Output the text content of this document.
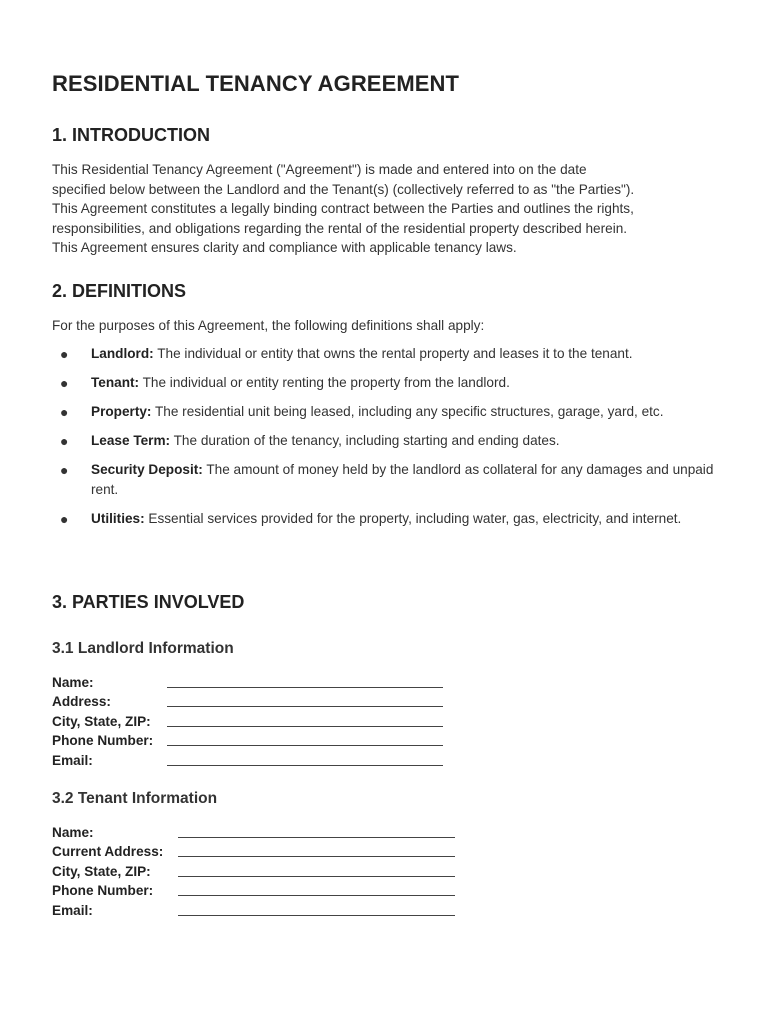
RESIDENTIAL TENANCY AGREEMENT
1. INTRODUCTION

This Residential Tenancy Agreement ("Agreement") is made and entered into on the date
specified below between the Landlord and the Tenant(s) (collectively referred to as "the Parties").
This Agreement constitutes a legally binding contract between the Parties and outlines the rights,
responsibilities, and obligations regarding the rental of the residential property described herein.
This Agreement ensures clarity and compliance with applicable tenancy laws.

2. DEFINITIONS

For the purposes of this Agreement, the following definitions shall apply:

● Landlord: The individual or entity that owns the rental property and leases it to the tenant.
● Tenant: The individual or entity renting the property from the landlord.
● Property: The residential unit being leased, including any specific structures, garage, yard, etc.
● Lease Term: The duration of the tenancy, including starting and ending dates.
● Security Deposit: The amount of money held by the landlord as collateral for any damages and unpaid rent.
● Utilities: Essential services provided for the property, including water, gas, electricity, and internet.
3. PARTIES INVOLVED
3.1 Landlord Information
Name:
Address:
City, State, ZIP:
Phone Number:
Email:
3.2 Tenant Information
Name:
Current Address:
City, State, ZIP:
Phone Number:
Email:
